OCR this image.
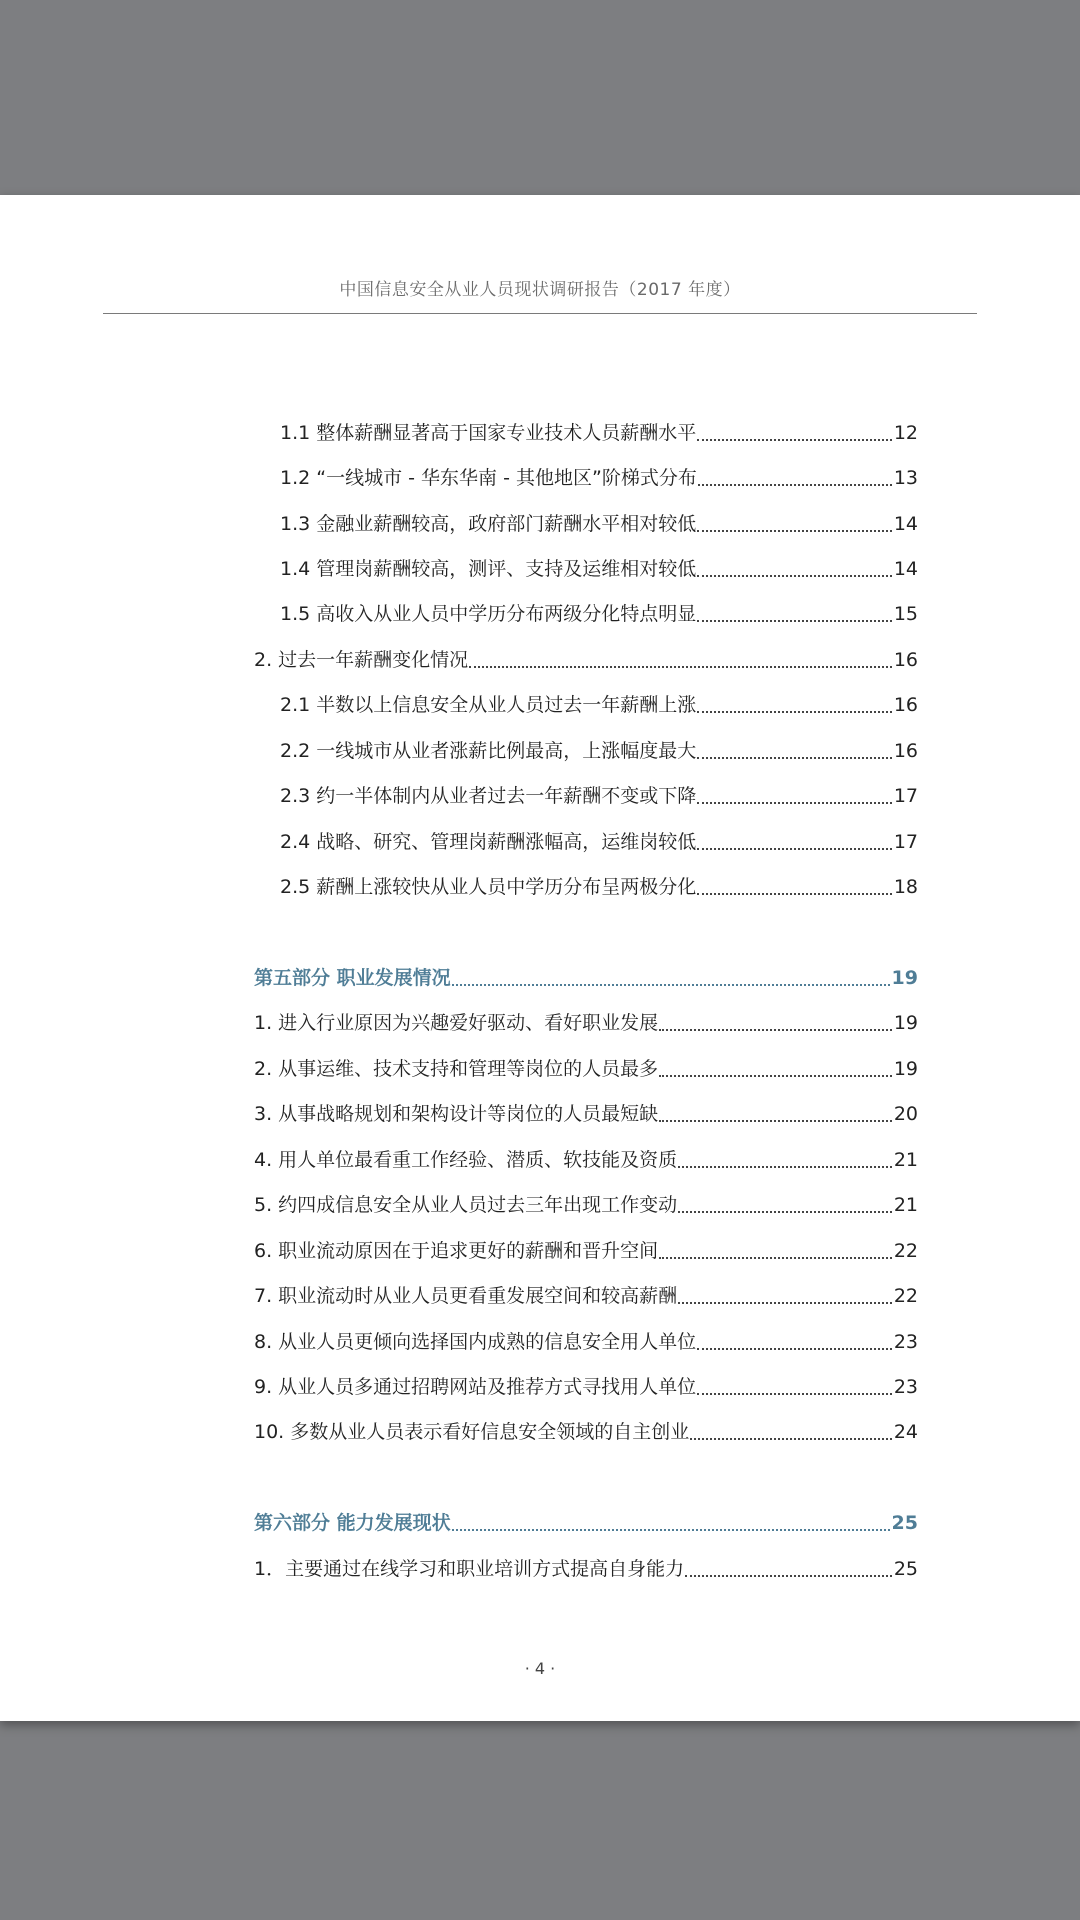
中国信息安全从业人员现状调研报告（2017 年度）
1.1 整体薪酬显著高于国家专业技术人员薪酬水平	12
1.2 “一线城市 - 华东华南 - 其他地区”阶梯式分布	13
1.3 金融业薪酬较高，政府部门薪酬水平相对较低	14
1.4 管理岗薪酬较高，测评、支持及运维相对较低	14
1.5 高收入从业人员中学历分布两级分化特点明显	15
2. 过去一年薪酬变化情况	16
2.1 半数以上信息安全从业人员过去一年薪酬上涨	16
2.2 一线城市从业者涨薪比例最高，上涨幅度最大	16
2.3 约一半体制内从业者过去一年薪酬不变或下降	17
2.4 战略、研究、管理岗薪酬涨幅高，运维岗较低	17
2.5 薪酬上涨较快从业人员中学历分布呈两极分化	18
第五部分 职业发展情况	19
1. 进入行业原因为兴趣爱好驱动、看好职业发展	19
2. 从事运维、技术支持和管理等岗位的人员最多	19
3. 从事战略规划和架构设计等岗位的人员最短缺	20
4. 用人单位最看重工作经验、潜质、软技能及资质	21
5. 约四成信息安全从业人员过去三年出现工作变动	21
6. 职业流动原因在于追求更好的薪酬和晋升空间	22
7. 职业流动时从业人员更看重发展空间和较高薪酬	22
8. 从业人员更倾向选择国内成熟的信息安全用人单位	23
9. 从业人员多通过招聘网站及推荐方式寻找用人单位	23
10. 多数从业人员表示看好信息安全领域的自主创业	24
第六部分 能力发展现状	25
1．主要通过在线学习和职业培训方式提高自身能力	25
· 4 ·
